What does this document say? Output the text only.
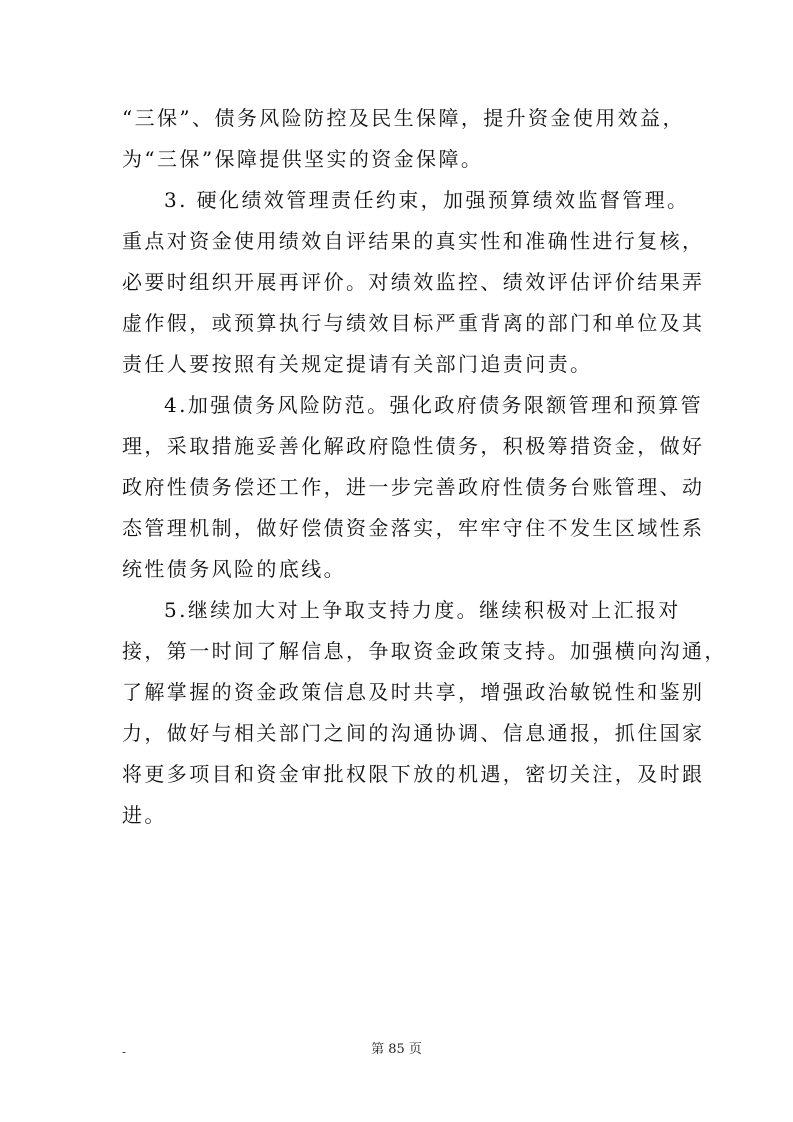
“三保”、债务风险防控及民生保障，提升资金使用效益，
为“三保”保障提供坚实的资金保障。
3. 硬化绩效管理责任约束，加强预算绩效监督管理。
重点对资金使用绩效自评结果的真实性和准确性进行复核，
必要时组织开展再评价。对绩效监控、绩效评估评价结果弄
虚作假，或预算执行与绩效目标严重背离的部门和单位及其
责任人要按照有关规定提请有关部门追责问责。
4.加强债务风险防范。强化政府债务限额管理和预算管
理，采取措施妥善化解政府隐性债务，积极筹措资金，做好
政府性债务偿还工作，进一步完善政府性债务台账管理、动
态管理机制，做好偿债资金落实，牢牢守住不发生区域性系
统性债务风险的底线。
5.继续加大对上争取支持力度。继续积极对上汇报对
接，第一时间了解信息，争取资金政策支持。加强横向沟通，
了解掌握的资金政策信息及时共享，增强政治敏锐性和鉴别
力，做好与相关部门之间的沟通协调、信息通报，抓住国家
将更多项目和资金审批权限下放的机遇，密切关注，及时跟
进。
-	第 85 页
